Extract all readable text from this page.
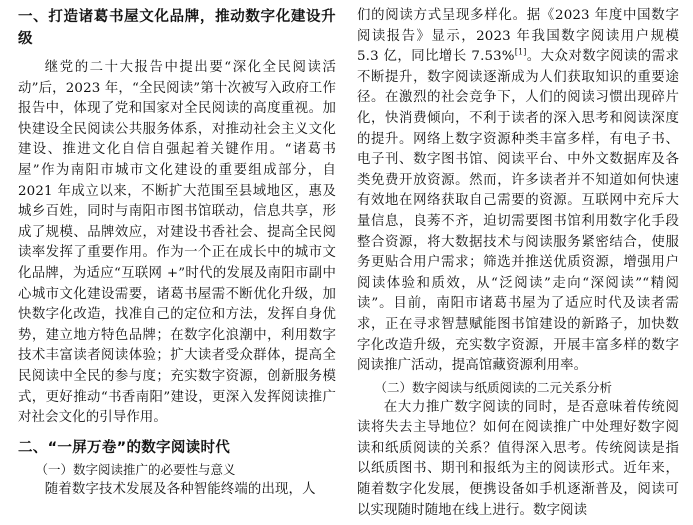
一、打造诸葛书屋文化品牌，推动数字化建设升级

继党的二十大报告中提出要“深化全民阅读活动”后，2023 年，“全民阅读”第十次被写入政府工作报告中，体现了党和国家对全民阅读的高度重视。加快建设全民阅读公共服务体系，对推动社会主义文化建设、推进文化自信自强起着关键作用。“诸葛书屋”作为南阳市城市文化建设的重要组成部分，自 2021 年成立以来，不断扩大范围至县域地区，惠及城乡百姓，同时与南阳市图书馆联动，信息共享，形成了规模、品牌效应，对建设书香社会、提高全民阅读率发挥了重要作用。作为一个正在成长中的城市文化品牌，为适应“互联网 +”时代的发展及南阳市副中心城市文化建设需要，诸葛书屋需不断优化升级，加快数字化改造，找准自己的定位和方法，发挥自身优势，建立地方特色品牌；在数字化浪潮中，利用数字技术丰富读者阅读体验；扩大读者受众群体，提高全民阅读中全民的参与度；充实数字资源，创新服务模式，更好推动“书香南阳”建设，更深入发挥阅读推广对社会文化的引导作用。

二、“一屏万卷”的数字阅读时代

（一）数字阅读推广的必要性与意义

随着数字技术发展及各种智能终端的出现，人

们的阅读方式呈现多样化。据《2023 年度中国数字阅读报告》显示，2023 年我国数字阅读用户规模 5.3 亿，同比增长 7.53%[1]。大众对数字阅读的需求不断提升，数字阅读逐渐成为人们获取知识的重要途径。在激烈的社会竞争下，人们的阅读习惯出现碎片化，快消费倾向，不利于读者的深入思考和阅读深度的提升。网络上数字资源种类丰富多样，有电子书、电子刊、数字图书馆、阅读平台、中外文数据库及各类免费开放资源。然而，许多读者并不知道如何快速有效地在网络获取自己需要的资源。互联网中充斥大量信息，良莠不齐，迫切需要图书馆利用数字化手段整合资源，将大数据技术与阅读服务紧密结合，使服务更贴合用户需求；筛选并推送优质资源，增强用户阅读体验和质效，从“泛阅读”走向“深阅读”“精阅读”。目前，南阳市诸葛书屋为了适应时代及读者需求，正在寻求智慧赋能图书馆建设的新路子，加快数字化改造升级，充实数字资源，开展丰富多样的数字阅读推广活动，提高馆藏资源利用率。

（二）数字阅读与纸质阅读的二元关系分析

在大力推广数字阅读的同时，是否意味着传统阅读将失去主导地位？如何在阅读推广中处理好数字阅读和纸质阅读的关系？值得深入思考。传统阅读是指以纸质图书、期刊和报纸为主的阅读形式。近年来，随着数字化发展，便携设备如手机逐渐普及，阅读可以实现随时随地在线上进行。数字阅读
